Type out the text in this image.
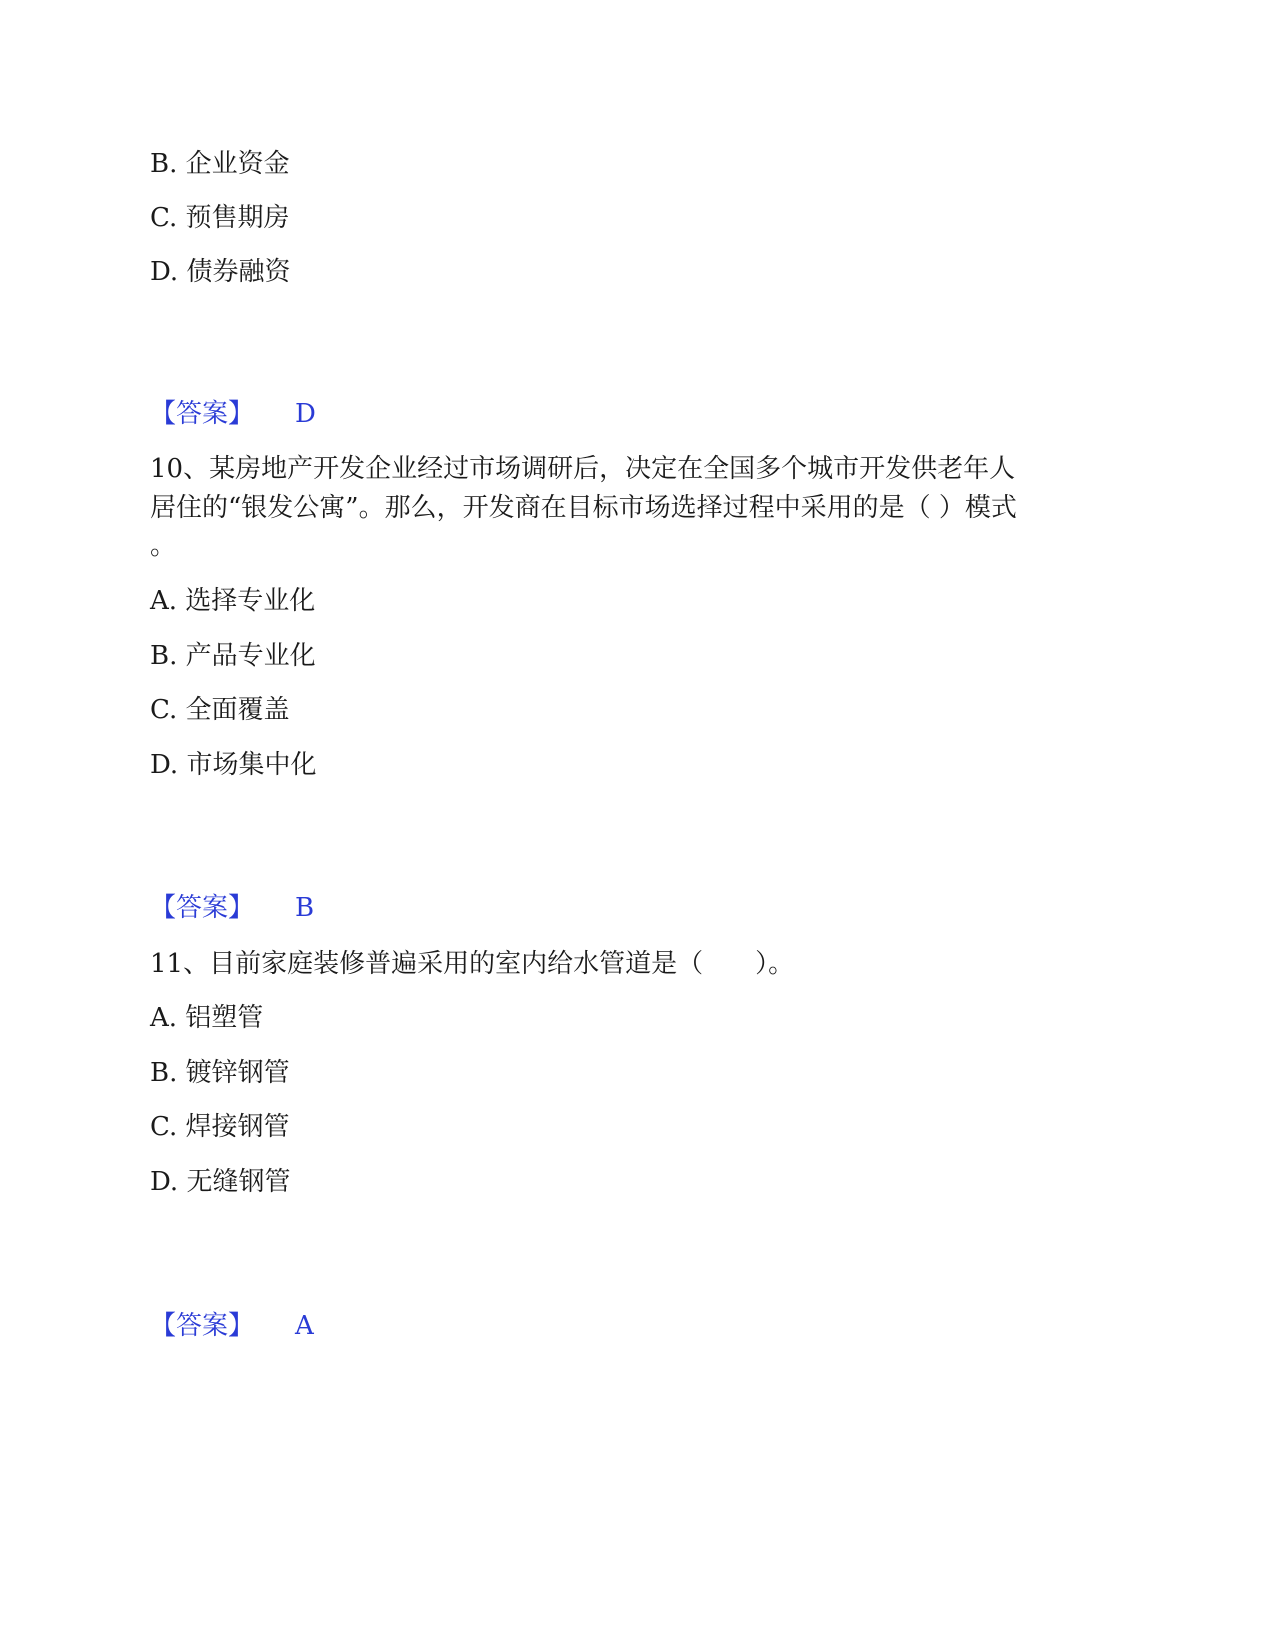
B. 企业资金
C. 预售期房
D. 债券融资
【答案】 D
10、某房地产开发企业经过市场调研后，决定在全国多个城市开发供老年人
居住的“银发公寓”。那么，开发商在目标市场选择过程中采用的是（ ）模式
。
A. 选择专业化
B. 产品专业化
C. 全面覆盖
D. 市场集中化
【答案】 B
11、目前家庭装修普遍采用的室内给水管道是（　　）。
A. 铝塑管
B. 镀锌钢管
C. 焊接钢管
D. 无缝钢管
【答案】 A
